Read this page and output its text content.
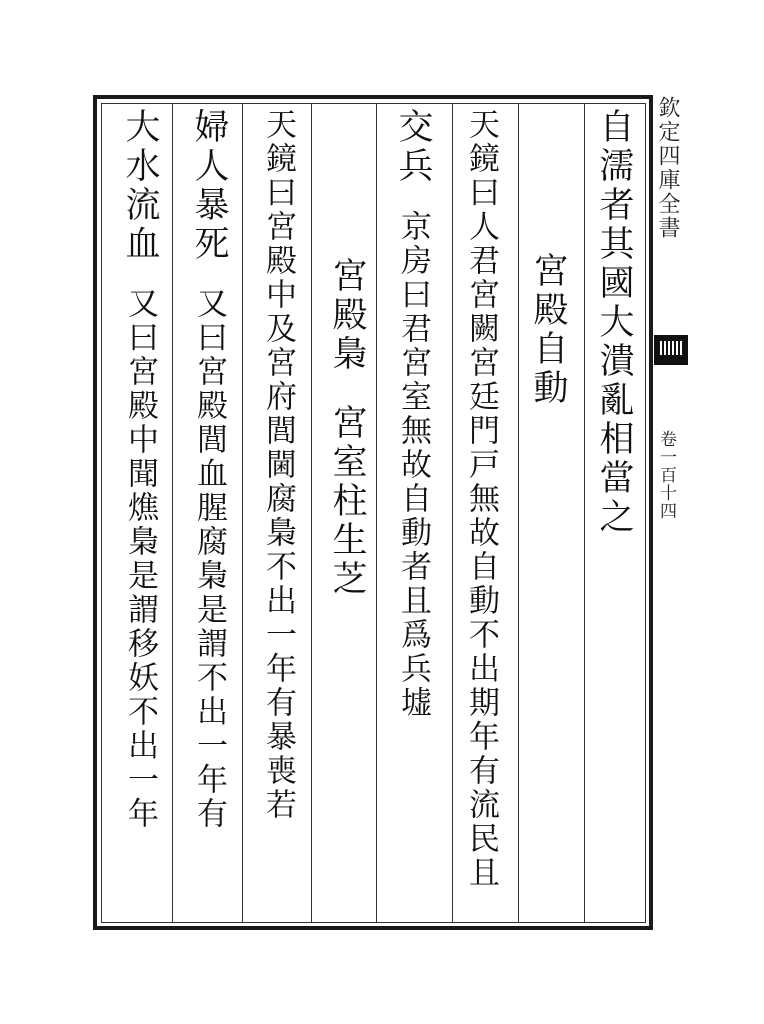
自濡者其國大潰亂相當之
宮殿自動
天鏡曰人君宮闕宮廷門戸無故自動不出期年有流民且
交兵  京房曰君宮室無故自動者且爲兵墟
宮殿梟  宮室柱生芝
天鏡曰宮殿中及宮府閭閫腐梟不出一年有暴喪若
婦人暴死  又曰宮殿閭血腥腐梟是謂不出一年有
大水流血  又曰宮殿中聞燋梟是謂移妖不出一年
欽定四庫全書
卷一百十四
